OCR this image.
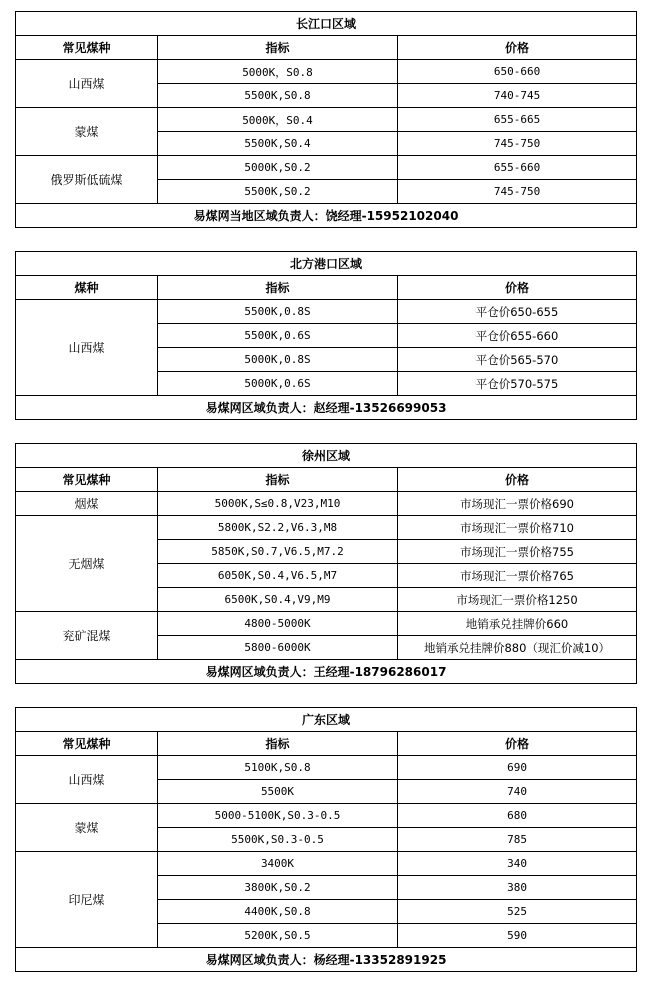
长江口区域		
常见煤种	指标	价格
山西煤	5000K，S0.8	650-660
	5500K,S0.8	740-745
蒙煤	5000K，S0.4	655-665
	5500K,S0.4	745-750
俄罗斯低硫煤	5000K,S0.2	655-660
	5500K,S0.2	745-750
易煤网当地区域负责人：饶经理-15952102040		
北方港口区域		
煤种	指标	价格
山西煤	5500K,0.8S	平仓价650-655
	5500K,0.6S	平仓价655-660
	5000K,0.8S	平仓价565-570
	5000K,0.6S	平仓价570-575
易煤网区域负责人：赵经理-13526699053		
徐州区域		
常见煤种	指标	价格
烟煤	5000K,S≤0.8,V23,M10	市场现汇一票价格690
无烟煤	5800K,S2.2,V6.3,M8	市场现汇一票价格710
	5850K,S0.7,V6.5,M7.2	市场现汇一票价格755
	6050K,S0.4,V6.5,M7	市场现汇一票价格765
	6500K,S0.4,V9,M9	市场现汇一票价格1250
兖矿混煤	4800-5000K	地销承兑挂牌价660
	5800-6000K	地销承兑挂牌价880（现汇价减10）
易煤网区域负责人：王经理-18796286017		
广东区域		
常见煤种	指标	价格
山西煤	5100K,S0.8	690
	5500K	740
蒙煤	5000-5100K,S0.3-0.5	680
	5500K,S0.3-0.5	785
印尼煤	3400K	340
	3800K,S0.2	380
	4400K,S0.8	525
	5200K,S0.5	590
易煤网区域负责人：杨经理-13352891925		
